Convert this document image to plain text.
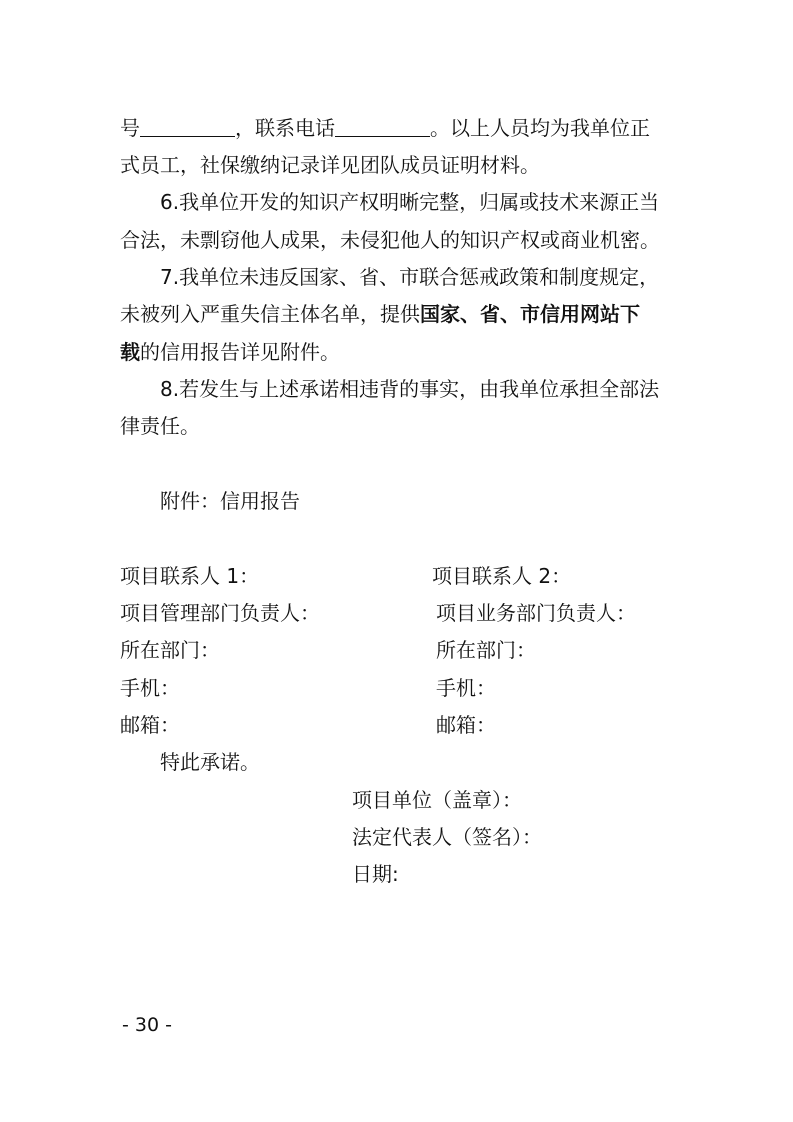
号	，联系电话	。以上人员均为我单位正
式员工，社保缴纳记录详见团队成员证明材料。
6.我单位开发的知识产权明晰完整，归属或技术来源正当
合法，未剽窃他人成果，未侵犯他人的知识产权或商业机密。
7.我单位未违反国家、省、市联合惩戒政策和制度规定，
未被列入严重失信主体名单，提供国家、省、市信用网站下
载的信用报告详见附件。
8.若发生与上述承诺相违背的事实，由我单位承担全部法
律责任。
附件：信用报告
项目联系人 1：	项目联系人 2：
项目管理部门负责人：	项目业务部门负责人：
所在部门：	所在部门：
手机：	手机：
邮箱：	邮箱：
特此承诺。
项目单位（盖章）：
法定代表人（签名）：
日期:
- 30 -
